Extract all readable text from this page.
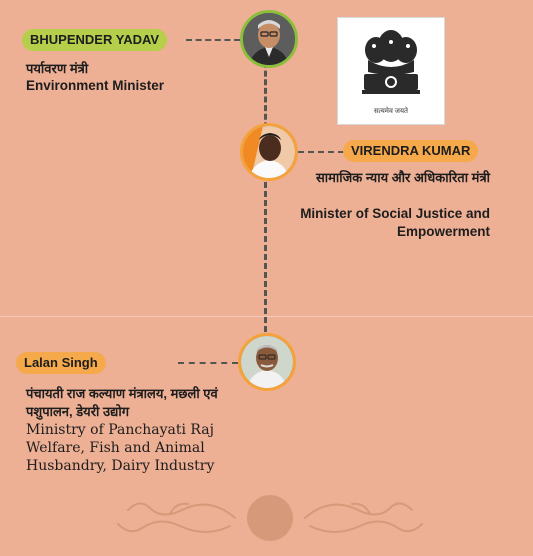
BHUPENDER YADAV
पर्यावरण मंत्री
Environment Minister
सत्यमेव जयते
VIRENDRA KUMAR
सामाजिक न्याय और अधिकारिता मंत्री
Minister of Social Justice and Empowerment
Lalan Singh
पंचायती राज कल्याण मंत्रालय, मछली एवं पशुपालन, डेयरी उद्योग
Ministry of Panchayati Raj Welfare, Fish and Animal Husbandry, Dairy Industry
